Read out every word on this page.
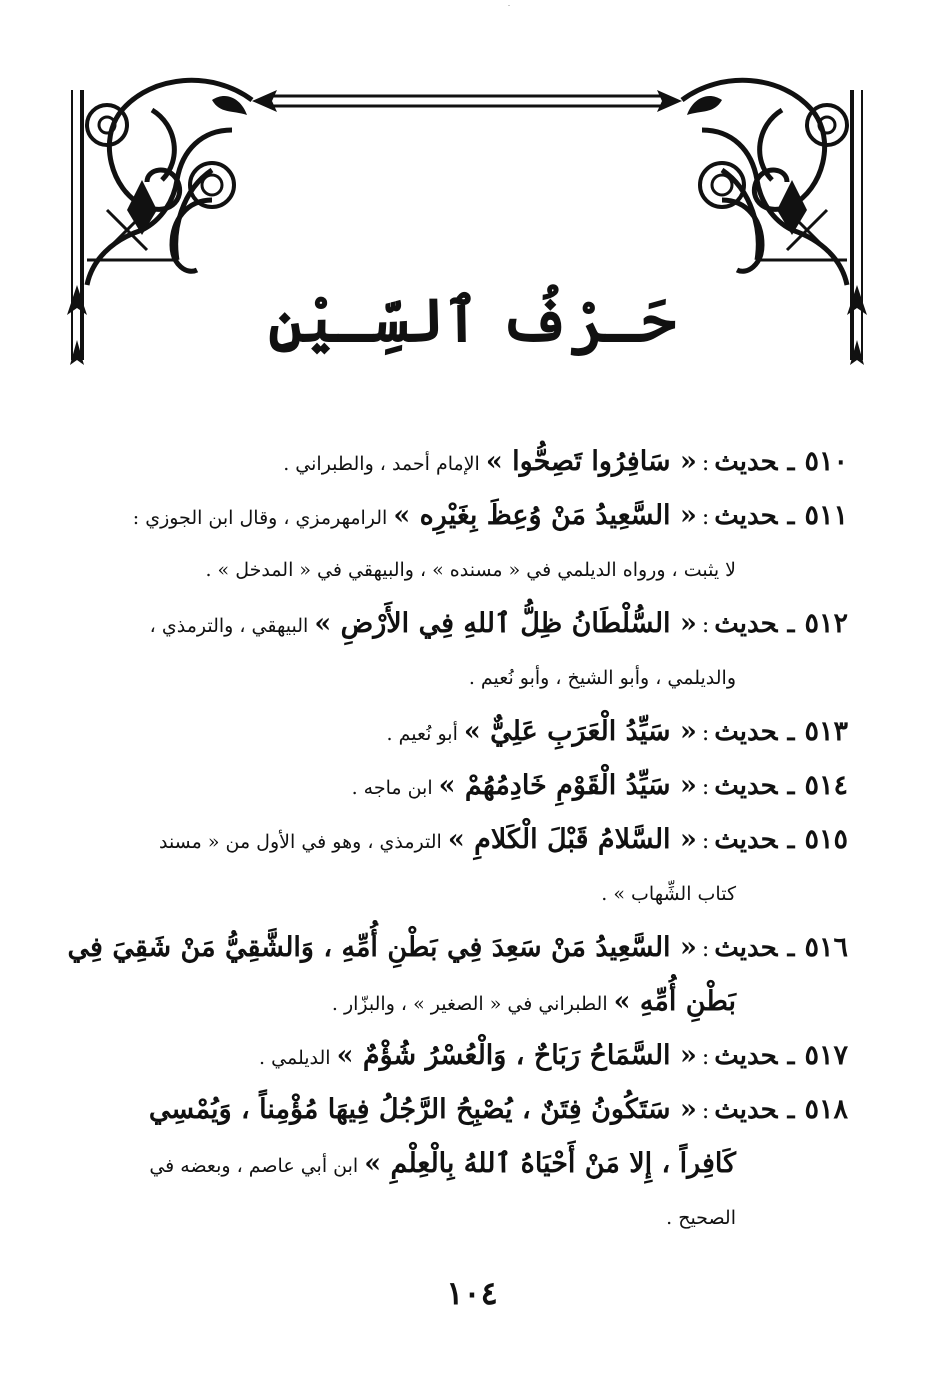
حَـرْفُ ٱلسِّـيْنِ
٥١٠ـحديث:« سَافِرُوا تَصِحُّوا » الإمام أحمد ، والطبراني .
٥١١ـحديث:« السَّعِيدُ مَنْ وُعِظَ بِغَيْرِه » الرامهرمزي ، وقال ابن الجوزي :
لا يثبت ، ورواه الديلمي في « مسنده » ، والبيهقي في « المدخل » .
٥١٢ـحديث:« السُّلْطَانُ ظِلُّ ٱللهِ فِي الأَرْضِ » البيهقي ، والترمذي ،
والديلمي ، وأبو الشيخ ، وأبو نُعيم .
٥١٣ـحديث:« سَيِّدُ الْعَرَبِ عَلِيٌّ » أبو نُعيم .
٥١٤ـحديث:« سَيِّدُ الْقَوْمِ خَادِمُهُمْ » ابن ماجه .
٥١٥ـحديث:« السَّلامُ قَبْلَ الْكَلامِ » الترمذي ، وهو في الأول من « مسند
كتاب الشِّهاب » .
٥١٦ـحديث:« السَّعِيدُ مَنْ سَعِدَ فِي بَطْنِ أُمِّهِ ، وَالشَّقِيُّ مَنْ شَقِيَ فِي
بَطْنِ أُمِّهِ » الطبراني في « الصغير » ، والبزّار .
٥١٧ـحديث:« السَّمَاحُ رَبَاحٌ ، وَالْعُسْرُ شُؤْمٌ » الديلمي .
٥١٨ـحديث:« سَتَكُونُ فِتَنٌ ، يُصْبِحُ الرَّجُلُ فِيهَا مُؤْمِناً ، وَيُمْسِي
كَافِراً ، إِلا مَنْ أَحْيَاهُ ٱللهُ بِالْعِلْمِ » ابن أبي عاصم ، وبعضه في
الصحيح .
١٠٤
